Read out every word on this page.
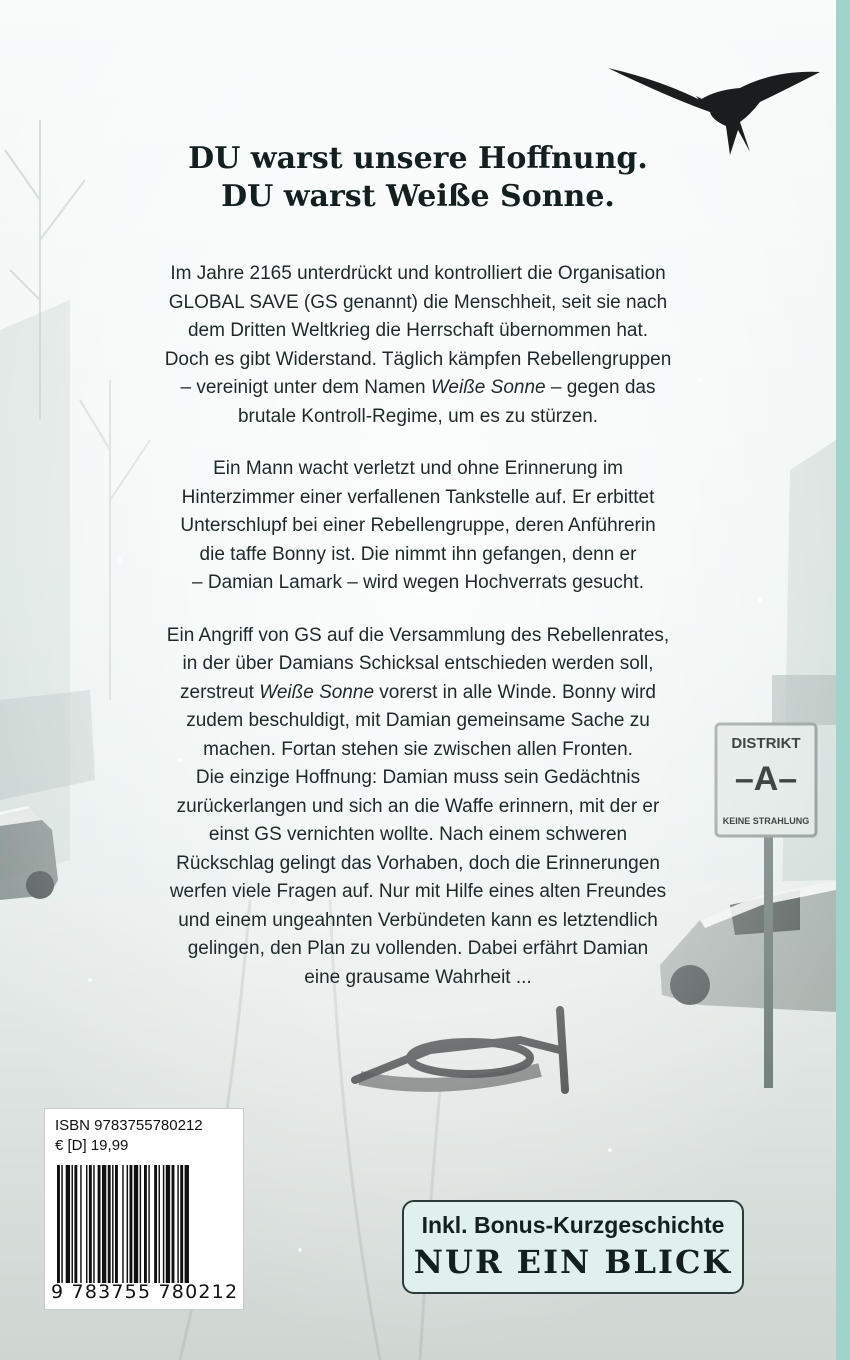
DU warst unsere Hoffnung.
DU warst Weiße Sonne.

Im Jahre 2165 unterdrückt und kontrolliert die Organisation
GLOBAL SAVE (GS genannt) die Menschheit, seit sie nach
dem Dritten Weltkrieg die Herrschaft übernommen hat.
Doch es gibt Widerstand. Täglich kämpfen Rebellengruppen
– vereinigt unter dem Namen Weiße Sonne – gegen das
brutale Kontroll-Regime, um es zu stürzen.

Ein Mann wacht verletzt und ohne Erinnerung im
Hinterzimmer einer verfallenen Tankstelle auf. Er erbittet
Unterschlupf bei einer Rebellengruppe, deren Anführerin
die taffe Bonny ist. Die nimmt ihn gefangen, denn er
– Damian Lamark – wird wegen Hochverrats gesucht.

Ein Angriff von GS auf die Versammlung des Rebellenrates,
in der über Damians Schicksal entschieden werden soll,
zerstreut Weiße Sonne vorerst in alle Winde. Bonny wird
zudem beschuldigt, mit Damian gemeinsame Sache zu
machen. Fortan stehen sie zwischen allen Fronten.
Die einzige Hoffnung: Damian muss sein Gedächtnis
zurückerlangen und sich an die Waffe erinnern, mit der er
einst GS vernichten wollte. Nach einem schweren
Rückschlag gelingt das Vorhaben, doch die Erinnerungen
werfen viele Fragen auf. Nur mit Hilfe eines alten Freundes
und einem ungeahnten Verbündeten kann es letztendlich
gelingen, den Plan zu vollenden. Dabei erfährt Damian
eine grausame Wahrheit ...

DISTRIKT
–A–
KEINE STRAHLUNG
ISBN 9783755780212
€ [D] 19,99
9 783755 780212
Inkl. Bonus-Kurzgeschichte
NUR EIN BLICK
